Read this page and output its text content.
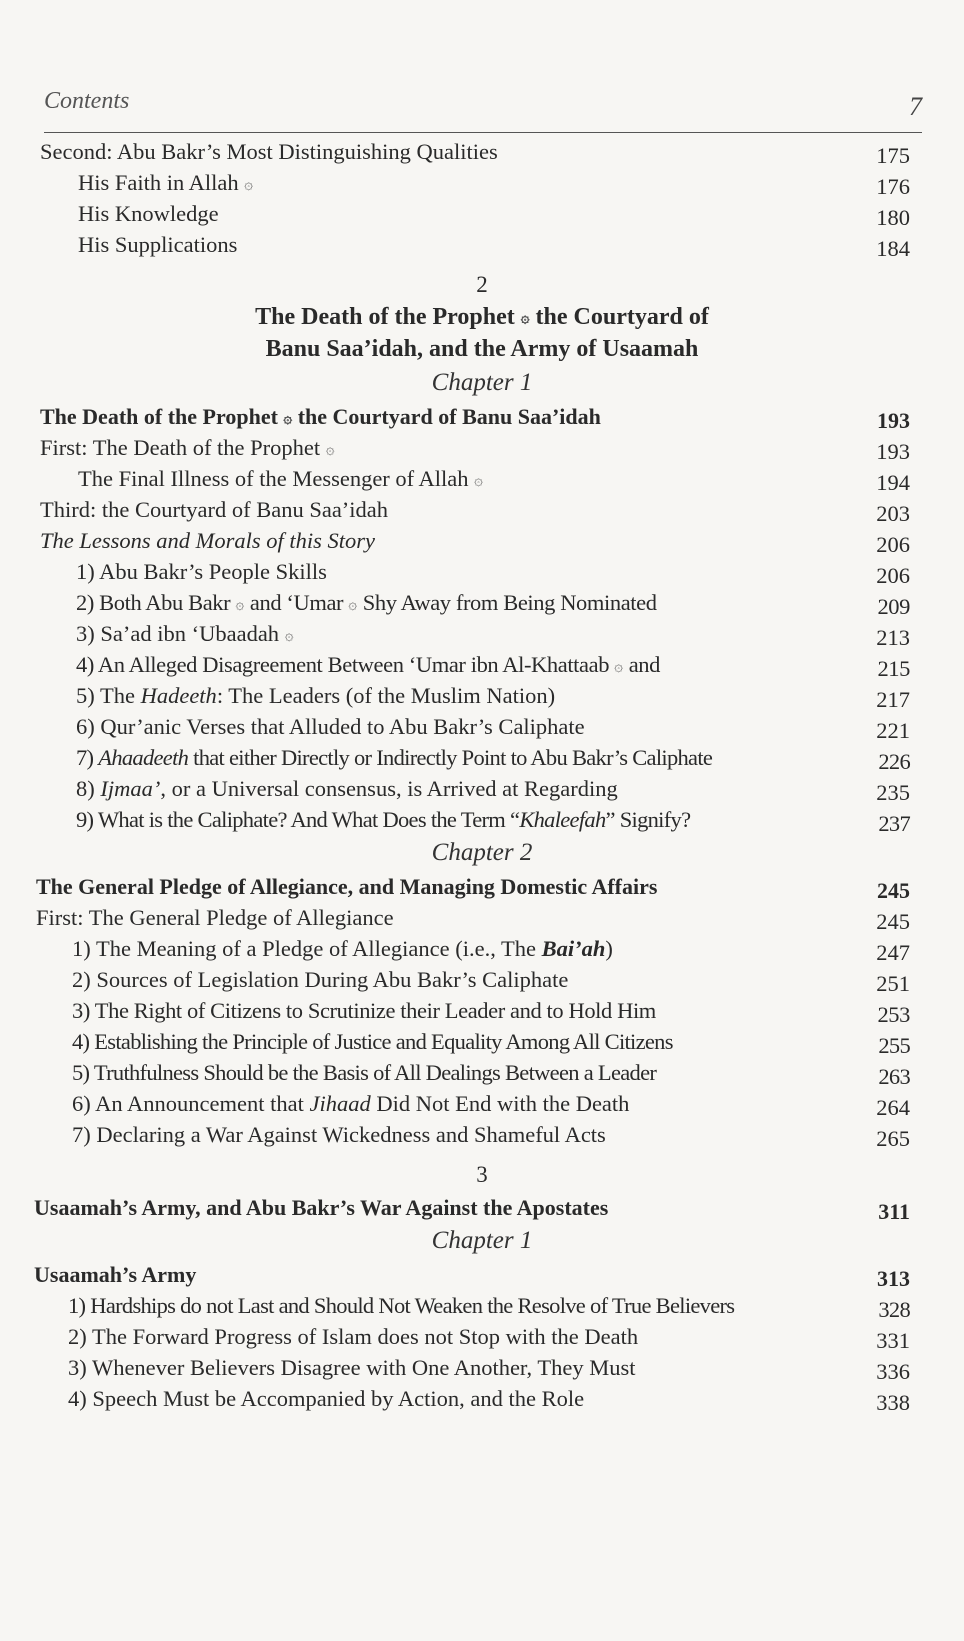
Contents	7
Second: Abu Bakr’s Most Distinguishing Qualities	175
His Faith in Allah ۞	176
His Knowledge	180
His Supplications	184
2
The Death of the Prophet ۞ the Courtyard of
Banu Saa’idah, and the Army of Usaamah
Chapter 1
The Death of the Prophet ۞ the Courtyard of Banu Saa’idah	193
First: The Death of the Prophet ۞	193
The Final Illness of the Messenger of Allah ۞	194
Third: the Courtyard of Banu Saa’idah	203
The Lessons and Morals of this Story	206
1) Abu Bakr’s People Skills	206
2) Both Abu Bakr ۞ and ‘Umar ۞ Shy Away from Being Nominated	209
3) Sa’ad ibn ‘Ubaadah ۞	213
4) An Alleged Disagreement Between ‘Umar ibn Al-Khattaab ۞ and	215
5) The Hadeeth: The Leaders (of the Muslim Nation)	217
6) Qur’anic Verses that Alluded to Abu Bakr’s Caliphate	221
7) Ahaadeeth that either Directly or Indirectly Point to Abu Bakr’s Caliphate	226
8) Ijmaa’, or a Universal consensus, is Arrived at Regarding	235
9) What is the Caliphate? And What Does the Term “Khaleefah” Signify?	237
Chapter 2
The General Pledge of Allegiance, and Managing Domestic Affairs	245
First: The General Pledge of Allegiance	245
1) The Meaning of a Pledge of Allegiance (i.e., The Bai’ah)	247
2) Sources of Legislation During Abu Bakr’s Caliphate	251
3) The Right of Citizens to Scrutinize their Leader and to Hold Him	253
4) Establishing the Principle of Justice and Equality Among All Citizens	255
5) Truthfulness Should be the Basis of All Dealings Between a Leader	263
6) An Announcement that Jihaad Did Not End with the Death	264
7) Declaring a War Against Wickedness and Shameful Acts	265
3
Usaamah’s Army, and Abu Bakr’s War Against the Apostates	311
Chapter 1
Usaamah’s Army	313
1) Hardships do not Last and Should Not Weaken the Resolve of True Believers	328
2) The Forward Progress of Islam does not Stop with the Death	331
3) Whenever Believers Disagree with One Another, They Must	336
4) Speech Must be Accompanied by Action, and the Role	338
